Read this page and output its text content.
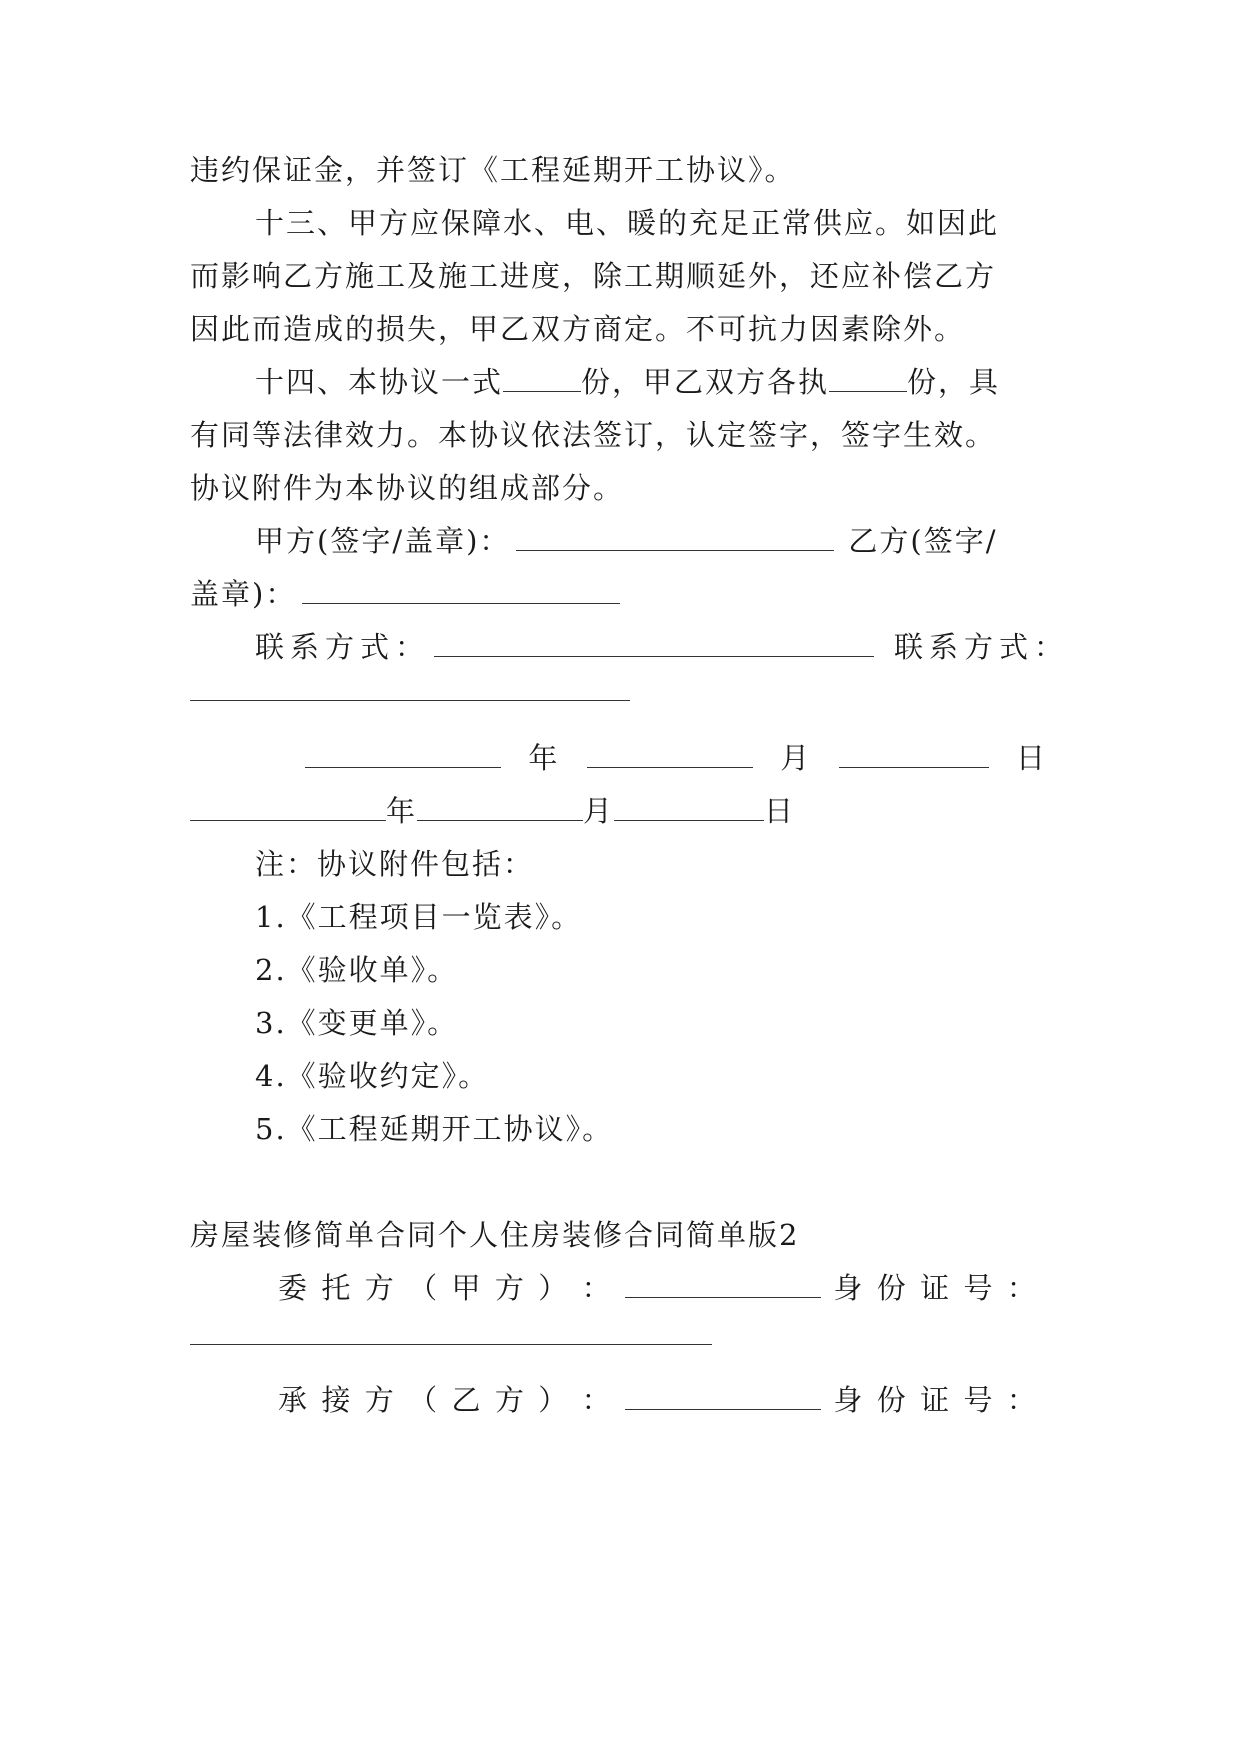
违约保证金，并签订《工程延期开工协议》。
十三、甲方应保障水、电、暖的充足正常供应。如因此
而影响乙方施工及施工进度，除工期顺延外，还应补偿乙方
因此而造成的损失，甲乙双方商定。不可抗力因素除外。
十四、本协议一式	份，甲乙双方各执	份，具
有同等法律效力。本协议依法签订，认定签字，签字生效。
协议附件为本协议的组成部分。
甲方(签字/盖章)：	乙方(签字/
盖章)：
联系方式：	联系方式：
年	月	日
年	月	日
注：协议附件包括：
1.《工程项目一览表》。
2.《验收单》。
3.《变更单》。
4.《验收约定》。
5.《工程延期开工协议》。
房屋装修简单合同个人住房装修合同简单版2
委 托 方 （ 甲 方 ） ：	身 份 证 号 ：
承 接 方 （ 乙 方 ） ：	身 份 证 号 ：
